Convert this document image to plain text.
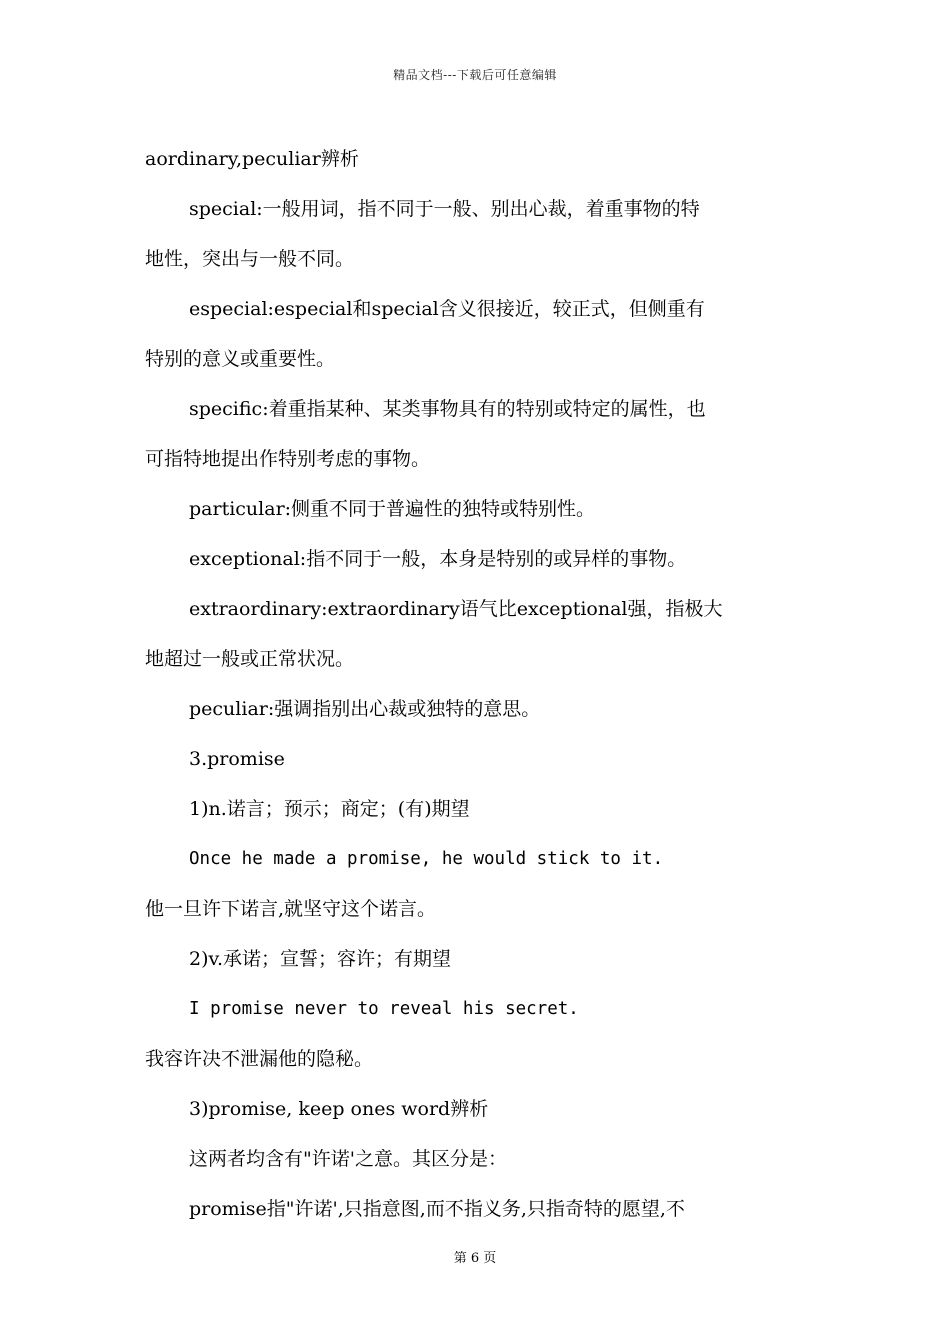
精品文档---下载后可任意编辑
aordinary,peculiar辨析
special:一般用词，指不同于一般、别出心裁，着重事物的特
地性，突出与一般不同。
especial:especial和special含义很接近，较正式，但侧重有
特别的意义或重要性。
specific:着重指某种、某类事物具有的特别或特定的属性，也
可指特地提出作特别考虑的事物。
particular:侧重不同于普遍性的独特或特别性。
exceptional:指不同于一般，本身是特别的或异样的事物。
extraordinary:extraordinary语气比exceptional强，指极大
地超过一般或正常状况。
peculiar:强调指别出心裁或独特的意思。
3.promise
1)n.诺言；预示；商定；(有)期望
Once he made a promise, he would stick to it.
他一旦许下诺言,就坚守这个诺言。
2)v.承诺；宣誓；容许；有期望
I promise never to reveal his secret.
我容许决不泄漏他的隐秘。
3)promise, keep ones word辨析
这两者均含有"许诺'之意。其区分是：
promise指"许诺',只指意图,而不指义务,只指奇特的愿望,不
第 6 页
